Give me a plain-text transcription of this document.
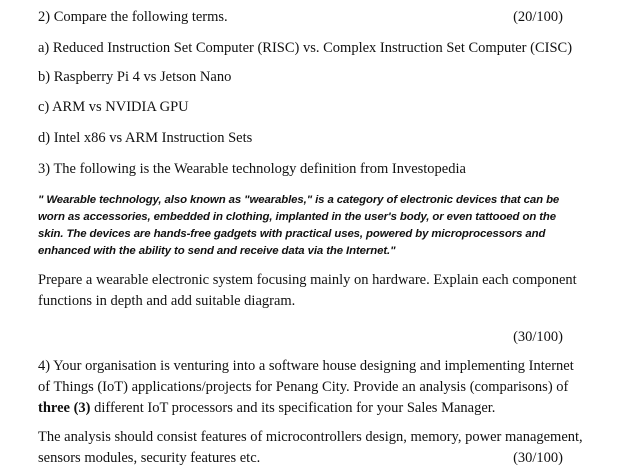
2) Compare the following terms.	(20/100)
a) Reduced Instruction Set Computer (RISC) vs. Complex Instruction Set Computer (CISC)
b) Raspberry Pi 4 vs Jetson Nano
c) ARM vs NVIDIA GPU
d) Intel x86 vs ARM Instruction Sets
3) The following is the Wearable technology definition from Investopedia
" Wearable technology, also known as "wearables," is a category of electronic devices that can be
worn as accessories, embedded in clothing, implanted in the user's body, or even tattooed on the
skin. The devices are hands-free gadgets with practical uses, powered by microprocessors and
enhanced with the ability to send and receive data via the Internet."
Prepare a wearable electronic system focusing mainly on hardware. Explain each component
functions in depth and add suitable diagram.
(30/100)
4) Your organisation is venturing into a software house designing and implementing Internet
of Things (IoT) applications/projects for Penang City. Provide an analysis (comparisons) of
three (3) different IoT processors and its specification for your Sales Manager.
The analysis should consist features of microcontrollers design, memory, power management,
sensors modules, security features etc.	(30/100)
